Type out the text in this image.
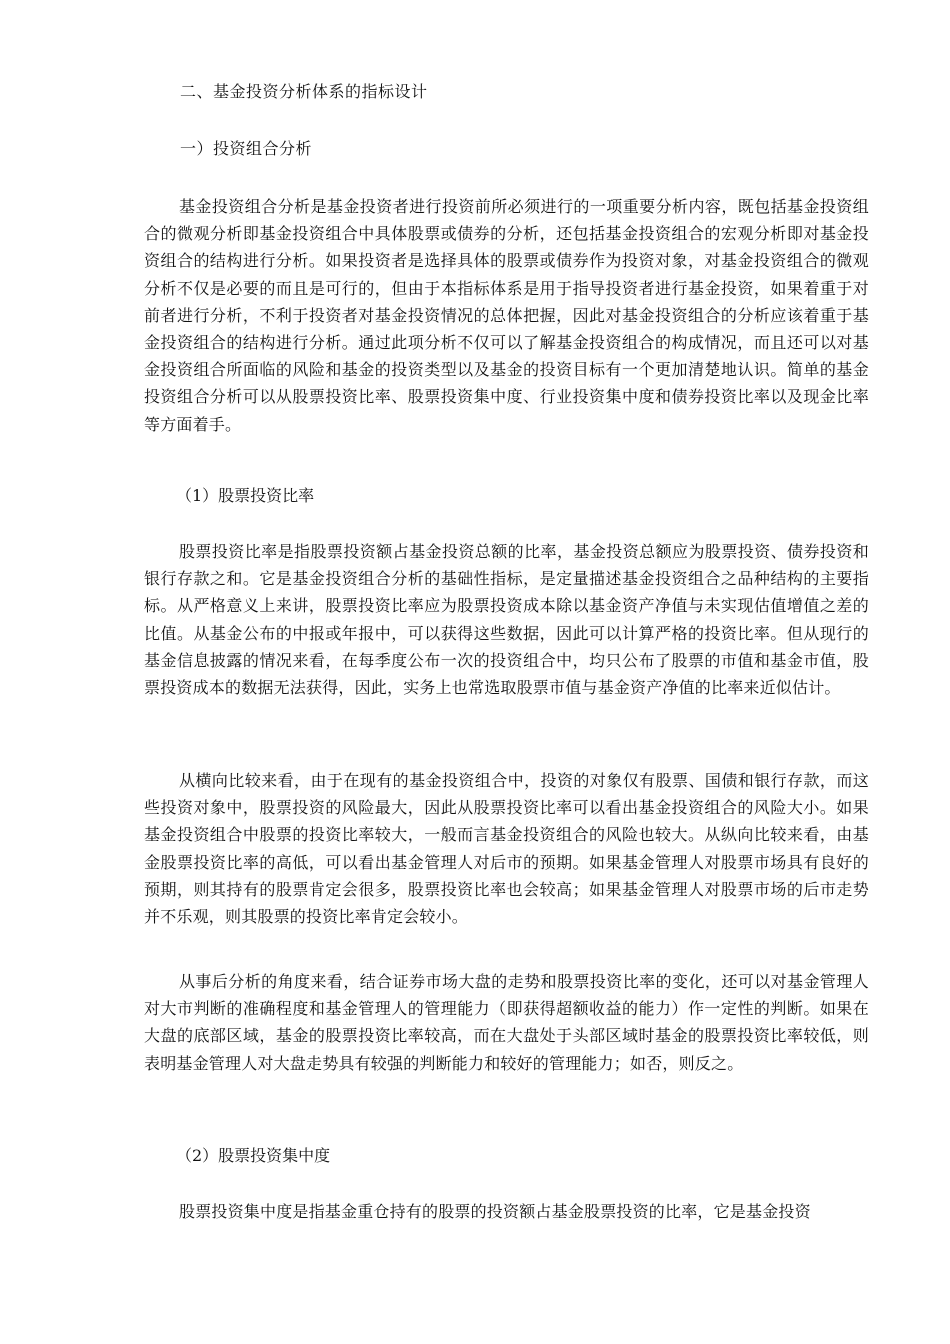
二、基金投资分析体系的指标设计
一）投资组合分析

基金投资组合分析是基金投资者进行投资前所必须进行的一项重要分析内容，既包括基金投资组合的微观分析即基金投资组合中具体股票或债券的分析，还包括基金投资组合的宏观分析即对基金投资组合的结构进行分析。如果投资者是选择具体的股票或债券作为投资对象，对基金投资组合的微观分析不仅是必要的而且是可行的，但由于本指标体系是用于指导投资者进行基金投资，如果着重于对前者进行分析，不利于投资者对基金投资情况的总体把握，因此对基金投资组合的分析应该着重于基金投资组合的结构进行分析。通过此项分析不仅可以了解基金投资组合的构成情况，而且还可以对基金投资组合所面临的风险和基金的投资类型以及基金的投资目标有一个更加清楚地认识。简单的基金投资组合分析可以从股票投资比率、股票投资集中度、行业投资集中度和债券投资比率以及现金比率等方面着手。

（1）股票投资比率

股票投资比率是指股票投资额占基金投资总额的比率，基金投资总额应为股票投资、债券投资和银行存款之和。它是基金投资组合分析的基础性指标，是定量描述基金投资组合之品种结构的主要指标。从严格意义上来讲，股票投资比率应为股票投资成本除以基金资产净值与未实现估值增值之差的比值。从基金公布的中报或年报中，可以获得这些数据，因此可以计算严格的投资比率。但从现行的基金信息披露的情况来看，在每季度公布一次的投资组合中，均只公布了股票的市值和基金市值，股票投资成本的数据无法获得，因此，实务上也常选取股票市值与基金资产净值的比率来近似估计。

从横向比较来看，由于在现有的基金投资组合中，投资的对象仅有股票、国债和银行存款，而这些投资对象中，股票投资的风险最大，因此从股票投资比率可以看出基金投资组合的风险大小。如果基金投资组合中股票的投资比率较大，一般而言基金投资组合的风险也较大。从纵向比较来看，由基金股票投资比率的高低，可以看出基金管理人对后市的预期。如果基金管理人对股票市场具有良好的预期，则其持有的股票肯定会很多，股票投资比率也会较高；如果基金管理人对股票市场的后市走势并不乐观，则其股票的投资比率肯定会较小。

从事后分析的角度来看，结合证券市场大盘的走势和股票投资比率的变化，还可以对基金管理人对大市判断的准确程度和基金管理人的管理能力（即获得超额收益的能力）作一定性的判断。如果在大盘的底部区域，基金的股票投资比率较高，而在大盘处于头部区域时基金的股票投资比率较低，则表明基金管理人对大盘走势具有较强的判断能力和较好的管理能力；如否，则反之。

（2）股票投资集中度

股票投资集中度是指基金重仓持有的股票的投资额占基金股票投资的比率，它是基金投资
